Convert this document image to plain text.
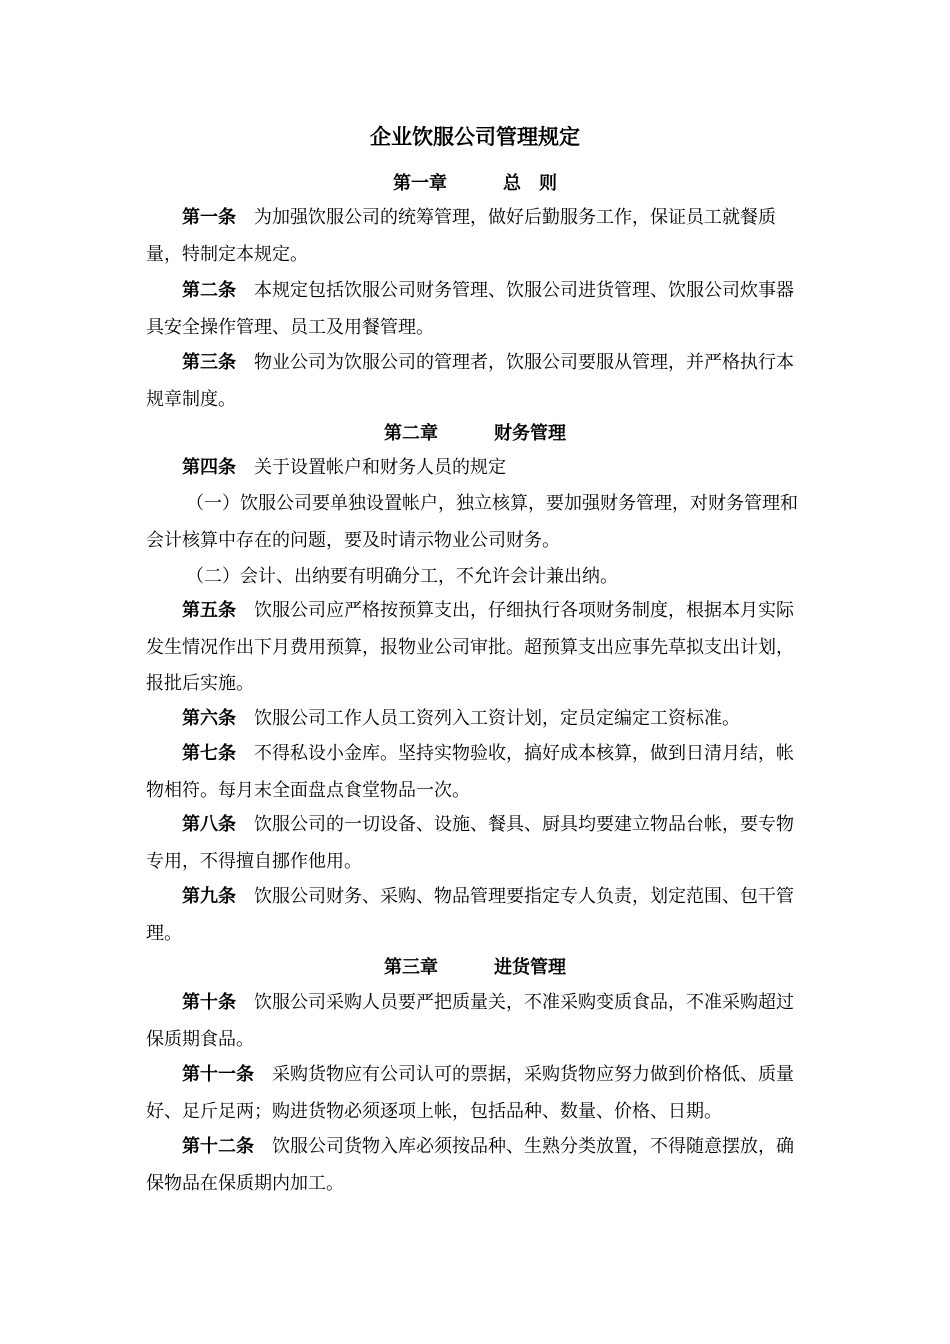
企业饮服公司管理规定
第一章	总　则

第一条 为加强饮服公司的统筹管理，做好后勤服务工作，保证员工就餐质量，特制定本规定。

第二条 本规定包括饮服公司财务管理、饮服公司进货管理、饮服公司炊事器具安全操作管理、员工及用餐管理。

第三条 物业公司为饮服公司的管理者，饮服公司要服从管理，并严格执行本规章制度。

第二章	财务管理

第四条 关于设置帐户和财务人员的规定

（一）饮服公司要单独设置帐户，独立核算，要加强财务管理，对财务管理和会计核算中存在的问题，要及时请示物业公司财务。

（二）会计、出纳要有明确分工，不允许会计兼出纳。

第五条 饮服公司应严格按预算支出，仔细执行各项财务制度，根据本月实际发生情况作出下月费用预算，报物业公司审批。超预算支出应事先草拟支出计划，报批后实施。

第六条 饮服公司工作人员工资列入工资计划，定员定编定工资标准。

第七条 不得私设小金库。坚持实物验收，搞好成本核算，做到日清月结，帐物相符。每月末全面盘点食堂物品一次。

第八条 饮服公司的一切设备、设施、餐具、厨具均要建立物品台帐，要专物专用，不得擅自挪作他用。

第九条 饮服公司财务、采购、物品管理要指定专人负责，划定范围、包干管理。

第三章	进货管理

第十条 饮服公司采购人员要严把质量关，不准采购变质食品，不准采购超过保质期食品。

第十一条 采购货物应有公司认可的票据，采购货物应努力做到价格低、质量好、足斤足两；购进货物必须逐项上帐，包括品种、数量、价格、日期。

第十二条 饮服公司货物入库必须按品种、生熟分类放置，不得随意摆放，确保物品在保质期内加工。
